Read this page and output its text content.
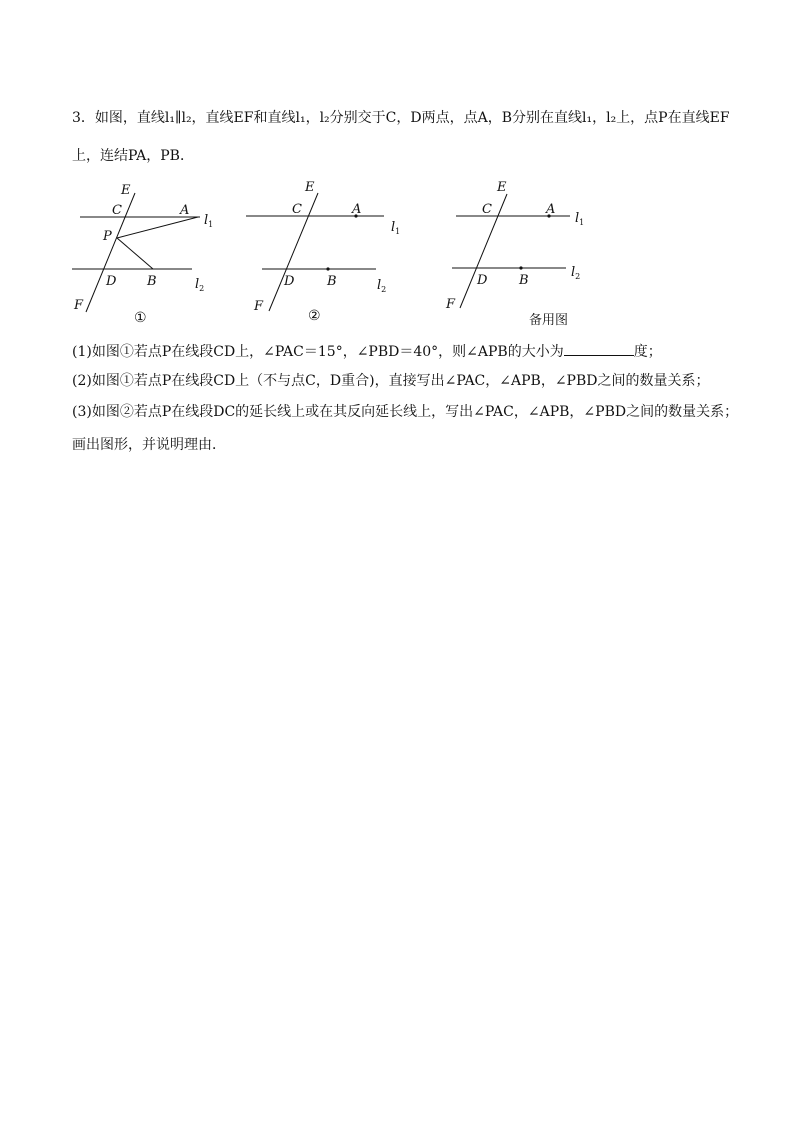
3．如图，直线l₁∥l₂，直线EF和直线l₁，l₂分别交于C，D两点，点A，B分别在直线l₁，l₂上，点P在直线EF
上，连结PA，PB．
E
C	A
$l_1$
P
D B	$l_2$
F
①
E
C	A
$l_1$
D	B	$l_2$
F
②
E
C	A
$l_1$
D B
$l_2$
F
备用图
(1)如图①若点P在线段CD上，∠PAC＝15°，∠PBD＝40°，则∠APB的大小为	度；
(2)如图①若点P在线段CD上（不与点C，D重合)，直接写出∠PAC，∠APB，∠PBD之间的数量关系；
(3)如图②若点P在线段DC的延长线上或在其反向延长线上，写出∠PAC，∠APB，∠PBD之间的数量关系；
画出图形，并说明理由．
